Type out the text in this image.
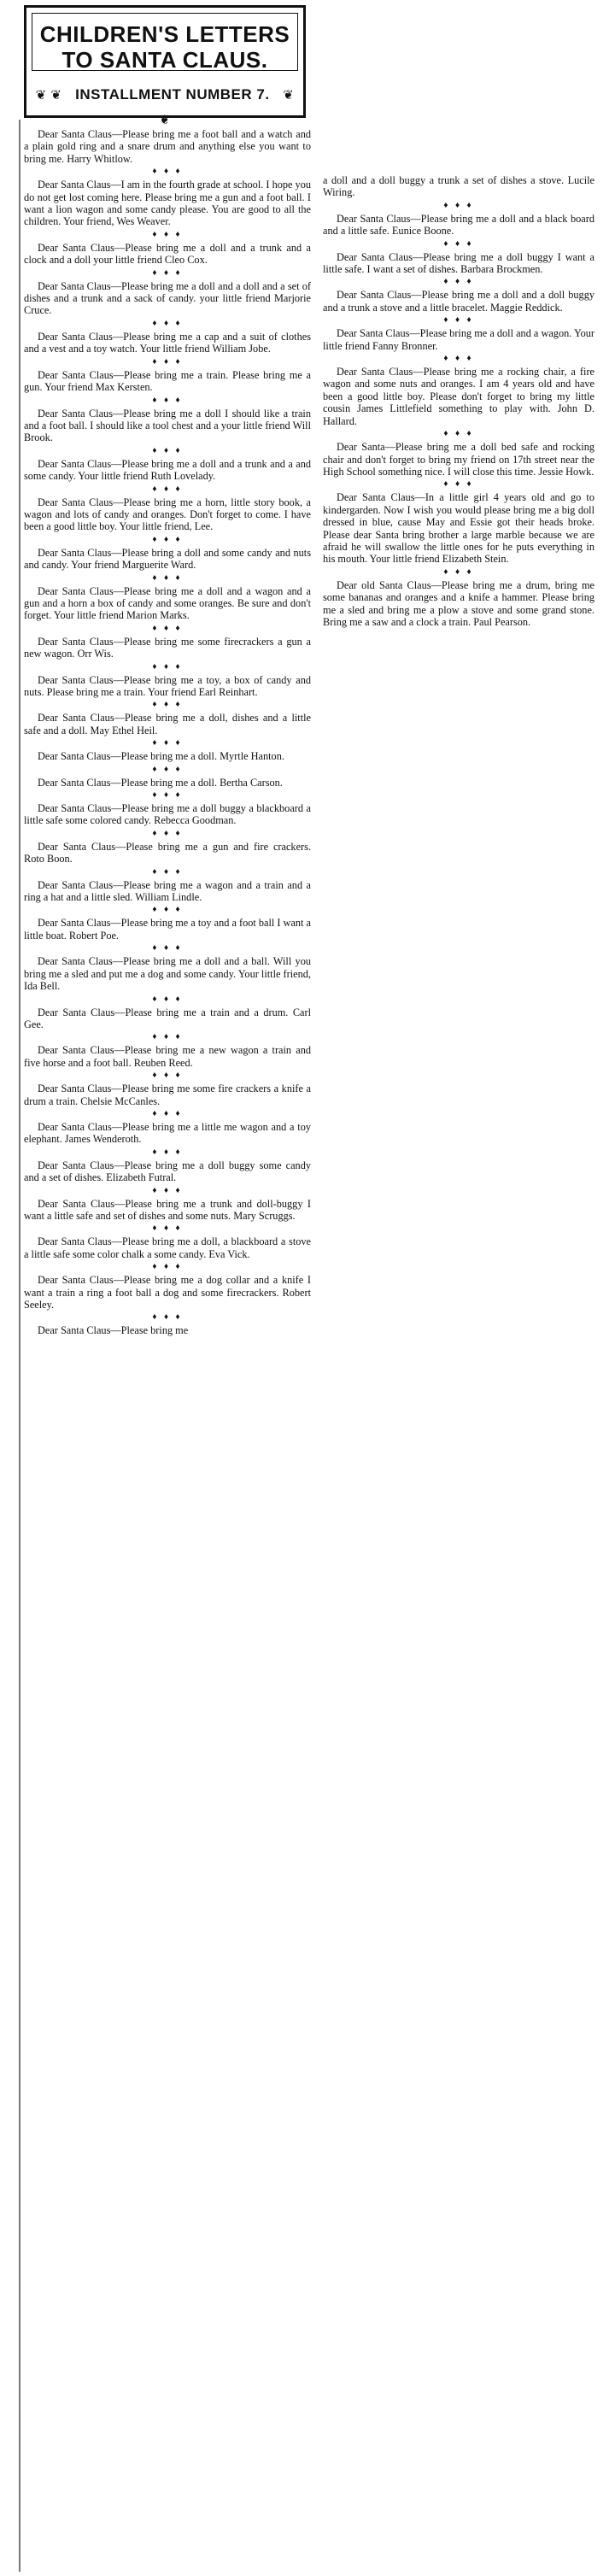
CHILDREN'S LETTERS
TO SANTA CLAUS.
❦ ❦ INSTALLMENT NUMBER 7. ❦ ❦

Dear Santa Claus—Please bring me a foot ball and a watch and a plain gold ring and a snare drum and anything else you want to bring me. Harry Whitlow.

♦ ♦ ♦

Dear Santa Claus—I am in the fourth grade at school. I hope you do not get lost coming here. Please bring me a gun and a foot ball. I want a lion wagon and some candy please. You are good to all the children. Your friend, Wes Weaver.

♦ ♦ ♦

Dear Santa Claus—Please bring me a doll and a trunk and a clock and a doll your little friend Cleo Cox.

♦ ♦ ♦

Dear Santa Claus—Please bring me a doll and a doll and a set of dishes and a trunk and a sack of candy. your little friend Marjorie Cruce.

♦ ♦ ♦

Dear Santa Claus—Please bring me a cap and a suit of clothes and a vest and a toy watch. Your little friend William Jobe.

♦ ♦ ♦

Dear Santa Claus—Please bring me a train. Please bring me a gun. Your friend Max Kersten.

♦ ♦ ♦

Dear Santa Claus—Please bring me a doll I should like a train and a foot ball. I should like a tool chest and a your little friend Will Brook.

♦ ♦ ♦

Dear Santa Claus—Please bring me a doll and a trunk and a and some candy. Your little friend Ruth Lovelady.

♦ ♦ ♦

Dear Santa Claus—Please bring me a horn, little story book, a wagon and lots of candy and oranges. Don't forget to come. I have been a good little boy. Your little friend, Lee.

♦ ♦ ♦

Dear Santa Claus—Please bring a doll and some candy and nuts and candy. Your friend Marguerite Ward.

♦ ♦ ♦

Dear Santa Claus—Please bring me a doll and a wagon and a gun and a horn a box of candy and some oranges. Be sure and don't forget. Your little friend Marion Marks.

♦ ♦ ♦

Dear Santa Claus—Please bring me some firecrackers a gun a new wagon. Orr Wis.

♦ ♦ ♦

Dear Santa Claus—Please bring me a toy, a box of candy and nuts. Please bring me a train. Your friend Earl Reinhart.

♦ ♦ ♦

Dear Santa Claus—Please bring me a doll, dishes and a little safe and a doll. May Ethel Heil.

♦ ♦ ♦

Dear Santa Claus—Please bring me a doll. Myrtle Hanton.

♦ ♦ ♦

Dear Santa Claus—Please bring me a doll. Bertha Carson.

♦ ♦ ♦

Dear Santa Claus—Please bring me a doll buggy a blackboard a little safe some colored candy. Rebecca Goodman.

♦ ♦ ♦

Dear Santa Claus—Please bring me a gun and fire crackers. Roto Boon.

♦ ♦ ♦

Dear Santa Claus—Please bring me a wagon and a train and a ring a hat and a little sled. William Lindle.

♦ ♦ ♦

Dear Santa Claus—Please bring me a toy and a foot ball I want a little boat. Robert Poe.

♦ ♦ ♦

Dear Santa Claus—Please bring me a doll and a ball. Will you bring me a sled and put me a dog and some candy. Your little friend, Ida Bell.

♦ ♦ ♦

Dear Santa Claus—Please bring me a train and a drum. Carl Gee.

♦ ♦ ♦

Dear Santa Claus—Please bring me a new wagon a train and five horse and a foot ball. Reuben Reed.

♦ ♦ ♦

Dear Santa Claus—Please bring me some fire crackers a knife a drum a train. Chelsie McCanles.

♦ ♦ ♦

Dear Santa Claus—Please bring me a little me wagon and a toy elephant. James Wenderoth.

♦ ♦ ♦

Dear Santa Claus—Please bring me a doll buggy some candy and a set of dishes. Elizabeth Futral.

♦ ♦ ♦

Dear Santa Claus—Please bring me a trunk and doll-buggy I want a little safe and set of dishes and some nuts. Mary Scruggs.

♦ ♦ ♦

Dear Santa Claus—Please bring me a doll, a blackboard a stove a little safe some color chalk a some candy. Eva Vick.

♦ ♦ ♦

Dear Santa Claus—Please bring me a dog collar and a knife I want a train a ring a foot ball a dog and some firecrackers. Robert Seeley.

♦ ♦ ♦

Dear Santa Claus—Please bring me

a doll and a doll buggy a trunk a set of dishes a stove. Lucile Wiring.

♦ ♦ ♦

Dear Santa Claus—Please bring me a doll and a black board and a little safe. Eunice Boone.

♦ ♦ ♦

Dear Santa Claus—Please bring me a doll buggy I want a little safe. I want a set of dishes. Barbara Brockmen.

♦ ♦ ♦

Dear Santa Claus—Please bring me a doll and a doll buggy and a trunk a stove and a little bracelet. Maggie Reddick.

♦ ♦ ♦

Dear Santa Claus—Please bring me a doll and a wagon. Your little friend Fanny Bronner.

♦ ♦ ♦

Dear Santa Claus—Please bring me a rocking chair, a fire wagon and some nuts and oranges. I am 4 years old and have been a good little boy. Please don't forget to bring my little cousin James Littlefield something to play with. John D. Hallard.

♦ ♦ ♦

Dear Santa—Please bring me a doll bed safe and rocking chair and don't forget to bring my friend on 17th street near the High School something nice. I will close this time. Jessie Howk.

♦ ♦ ♦

Dear Santa Claus—In a little girl 4 years old and go to kindergarden. Now I wish you would please bring me a big doll dressed in blue, cause May and Essie got their heads broke. Please dear Santa bring brother a large marble because we are afraid he will swallow the little ones for he puts everything in his mouth. Your little friend Elizabeth Stein.

♦ ♦ ♦

Dear old Santa Claus—Please bring me a drum, bring me some bananas and oranges and a knife a hammer. Please bring me a sled and bring me a plow a stove and some grand stone. Bring me a saw and a clock a train. Paul Pearson.
